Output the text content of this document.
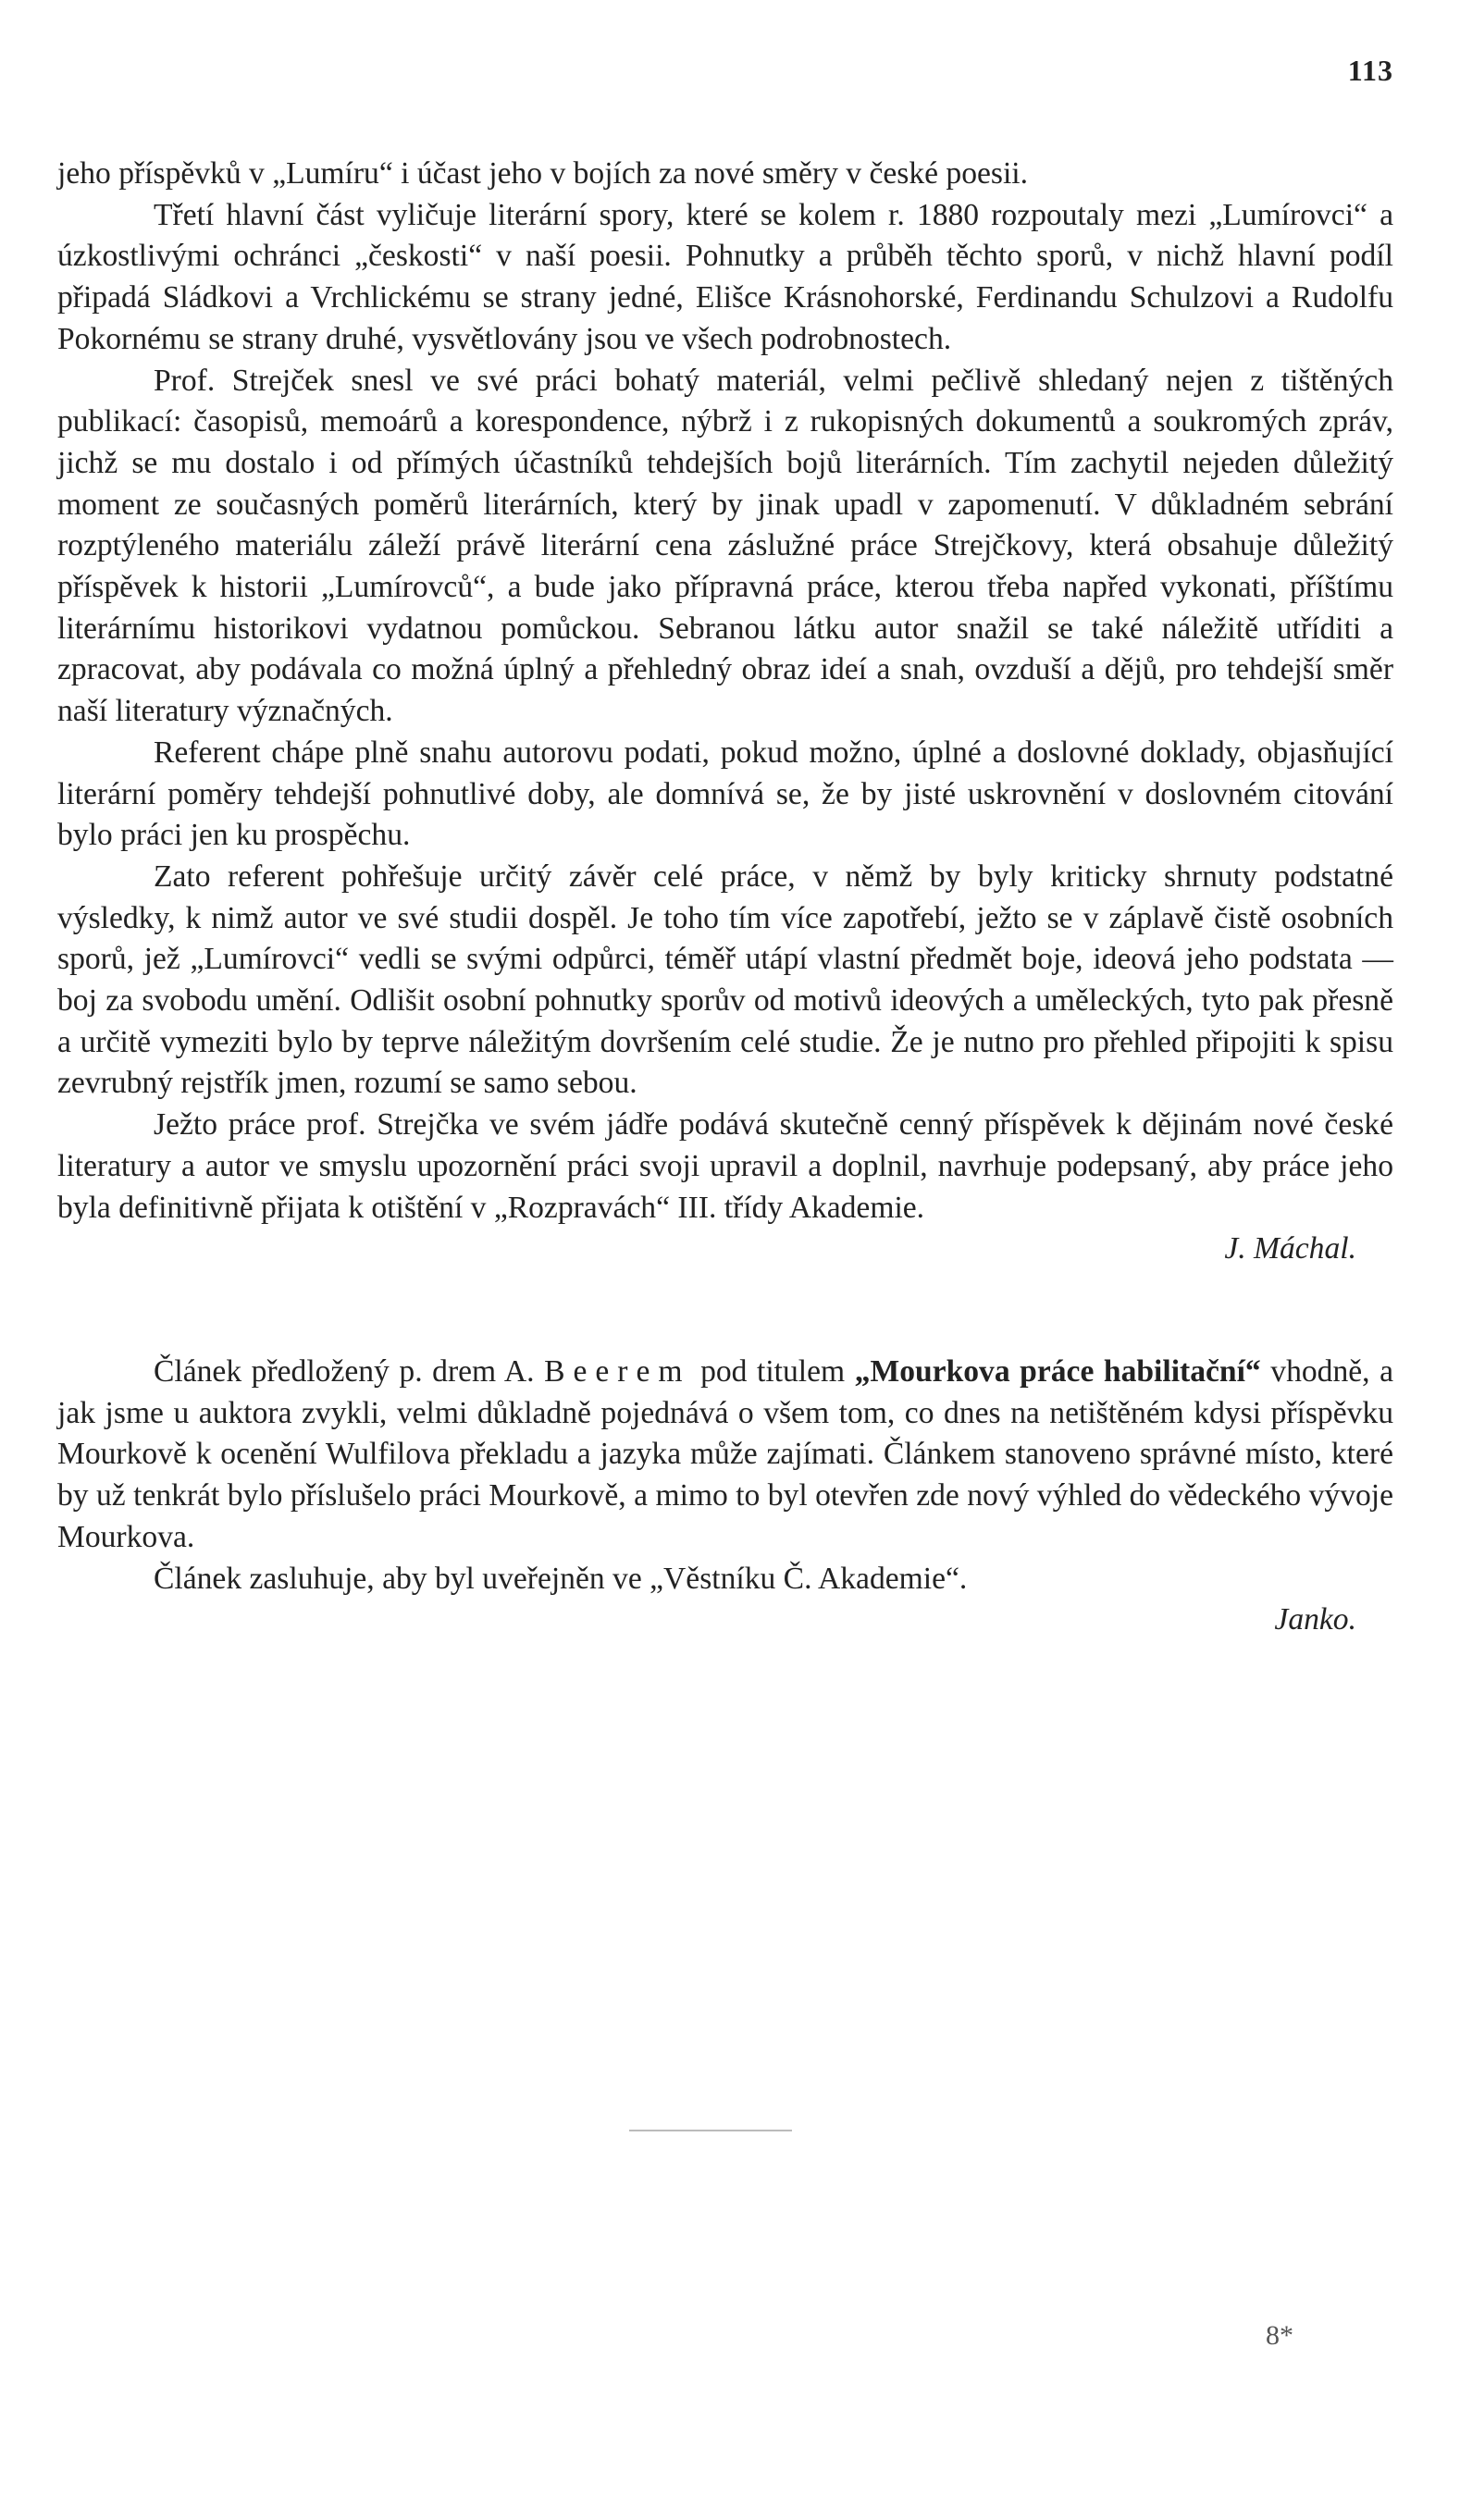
113

jeho příspěvků v „Lumíru“ i účast jeho v bojích za nové směry v české poesii.

Třetí hlavní část vyličuje literární spory, které se kolem r. 1880 rozpoutaly mezi „Lumírovci“ a úzkostlivými ochránci „českosti“ v naší poesii. Pohnutky a průběh těchto sporů, v nichž hlavní podíl připadá Sládkovi a Vrchlickému se strany jedné, Elišce Krásnohorské, Ferdinandu Schulzovi a Rudolfu Pokornému se strany druhé, vysvětlovány jsou ve všech podrobnostech.

Prof. Strejček snesl ve své práci bohatý materiál, velmi pečlivě shledaný nejen z tištěných publikací: časopisů, memoárů a korespondence, nýbrž i z rukopisných dokumentů a soukromých zpráv, jichž se mu dostalo i od přímých účastníků tehdejších bojů literárních. Tím zachytil nejeden důležitý moment ze současných poměrů literárních, který by jinak upadl v zapomenutí. V důkladném sebrání rozptýleného materiálu záleží právě literární cena záslužné práce Strejčkovy, která obsahuje důležitý příspěvek k historii „Lumírovců“, a bude jako přípravná práce, kterou třeba napřed vykonati, příštímu literárnímu historikovi vydatnou pomůckou. Sebranou látku autor snažil se také náležitě utříditi a zpracovat, aby podávala co možná úplný a přehledný obraz ideí a snah, ovzduší a dějů, pro tehdejší směr naší literatury význačných.

Referent chápe plně snahu autorovu podati, pokud možno, úplné a doslovné doklady, objasňující literární poměry tehdejší pohnutlivé doby, ale domnívá se, že by jisté uskrovnění v doslovném citování bylo práci jen ku prospěchu.

Zato referent pohřešuje určitý závěr celé práce, v němž by byly kriticky shrnuty podstatné výsledky, k nimž autor ve své studii dospěl. Je toho tím více zapotřebí, ježto se v záplavě čistě osobních sporů, jež „Lumírovci“ vedli se svými odpůrci, téměř utápí vlastní předmět boje, ideová jeho podstata — boj za svobodu umění. Odlišit osobní pohnutky sporův od motivů ideových a uměleckých, tyto pak přesně a určitě vymeziti bylo by teprve náležitým dovršením celé studie. Že je nutno pro přehled připojiti k spisu zevrubný rejstřík jmen, rozumí se samo sebou.

Ježto práce prof. Strejčka ve svém jádře podává skutečně cenný příspěvek k dějinám nové české literatury a autor ve smyslu upozornění práci svoji upravil a doplnil, navrhuje podepsaný, aby práce jeho byla definitivně přijata k otištění v „Rozpravách“ III. třídy Akademie.

J. Máchal.

Článek předložený p. drem A. Beerem pod titulem „Mourkova práce habilitační“ vhodně, a jak jsme u auktora zvykli, velmi důkladně pojednává o všem tom, co dnes na netištěném kdysi příspěvku Mourkově k ocenění Wulfilova překladu a jazyka může zajímati. Článkem stanoveno správné místo, které by už tenkrát bylo příslušelo práci Mourkově, a mimo to byl otevřen zde nový výhled do vědeckého vývoje Mourkova.

Článek zasluhuje, aby byl uveřejněn ve „Věstníku Č. Akademie“.

Janko.

8*
